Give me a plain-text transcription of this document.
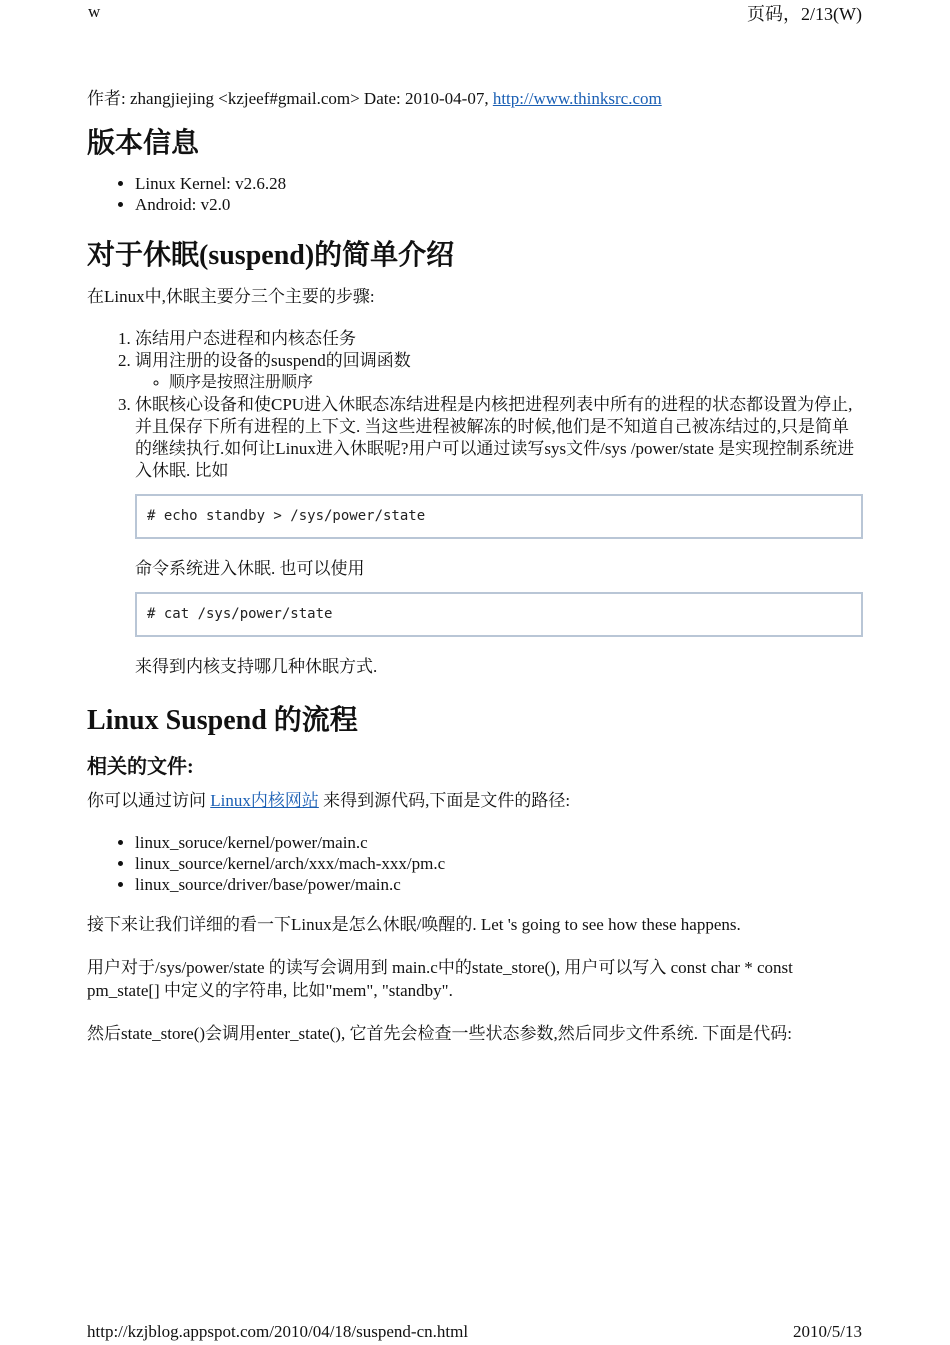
w	页码，2/13(W)
作者: zhangjiejing <kzjeef#gmail.com> Date: 2010-04-07, http://www.thinksrc.com
版本信息
• Linux Kernel: v2.6.28
• Android: v2.0
对于休眠(suspend)的简单介绍

在Linux中,休眠主要分三个主要的步骤:

1. 冻结用户态进程和内核态任务
2. 调用注册的设备的suspend的回调函数
◦ 顺序是按照注册顺序
3. 休眠核心设备和使CPU进入休眠态冻结进程是内核把进程列表中所有的进程的状态都设置为停止,并且保存下所有进程的上下文. 当这些进程被解冻的时候,他们是不知道自己被冻结过的,只是简单的继续执行.如何让Linux进入休眠呢?用户可以通过读写sys文件/sys /power/state 是实现控制系统进入休眠. 比如
# echo standby > /sys/power/state

命令系统进入休眠. 也可以使用

# cat /sys/power/state

来得到内核支持哪几种休眠方式.

Linux Suspend 的流程
相关的文件:

你可以通过访问 Linux内核网站 来得到源代码,下面是文件的路径:

• linux_soruce/kernel/power/main.c
• linux_source/kernel/arch/xxx/mach-xxx/pm.c
• linux_source/driver/base/power/main.c

接下来让我们详细的看一下Linux是怎么休眠/唤醒的. Let 's going to see how these happens.

用户对于/sys/power/state 的读写会调用到 main.c中的state_store(), 用户可以写入 const char * const pm_state[] 中定义的字符串, 比如"mem", "standby".

然后state_store()会调用enter_state(), 它首先会检查一些状态参数,然后同步文件系统. 下面是代码:

http://kzjblog.appspot.com/2010/04/18/suspend-cn.html	2010/5/13
